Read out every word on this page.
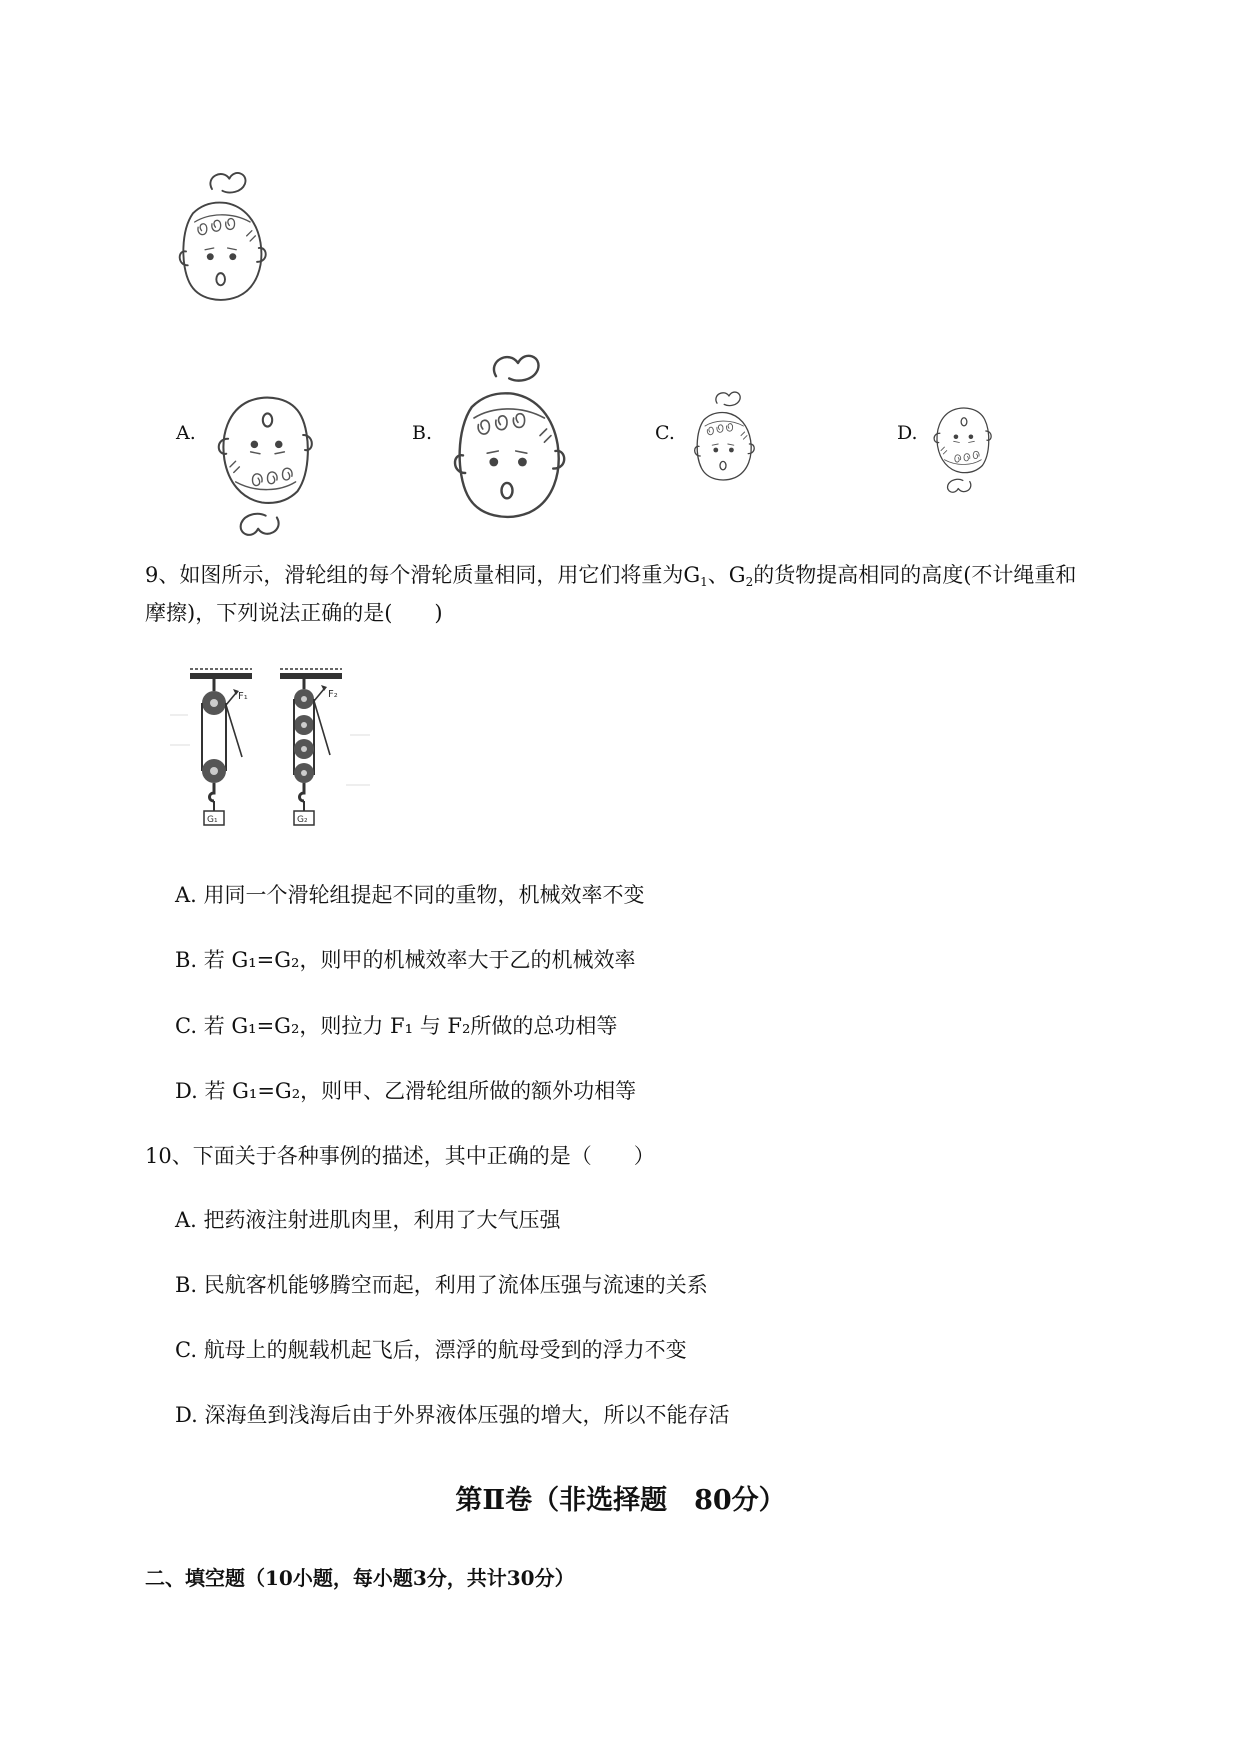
A.	B.	C.	D.
9、如图所示，滑轮组的每个滑轮质量相同，用它们将重为$G_1$、$G_2$的货物提高相同的高度(不计绳重和
摩擦)，下列说法正确的是(　　)
F₁
G₁
F₂
G₂
A. 用同一个滑轮组提起不同的重物，机械效率不变
B. 若 G₁=G₂，则甲的机械效率大于乙的机械效率
C. 若 G₁=G₂，则拉力 F₁ 与 F₂所做的总功相等
D. 若 G₁=G₂，则甲、乙滑轮组所做的额外功相等
10、下面关于各种事例的描述，其中正确的是（　　）
A. 把药液注射进肌肉里，利用了大气压强
B. 民航客机能够腾空而起，利用了流体压强与流速的关系
C. 航母上的舰载机起飞后，漂浮的航母受到的浮力不变
D. 深海鱼到浅海后由于外界液体压强的增大，所以不能存活
第Ⅱ卷（非选择题　80分）
二、填空题（10小题，每小题3分，共计30分）
